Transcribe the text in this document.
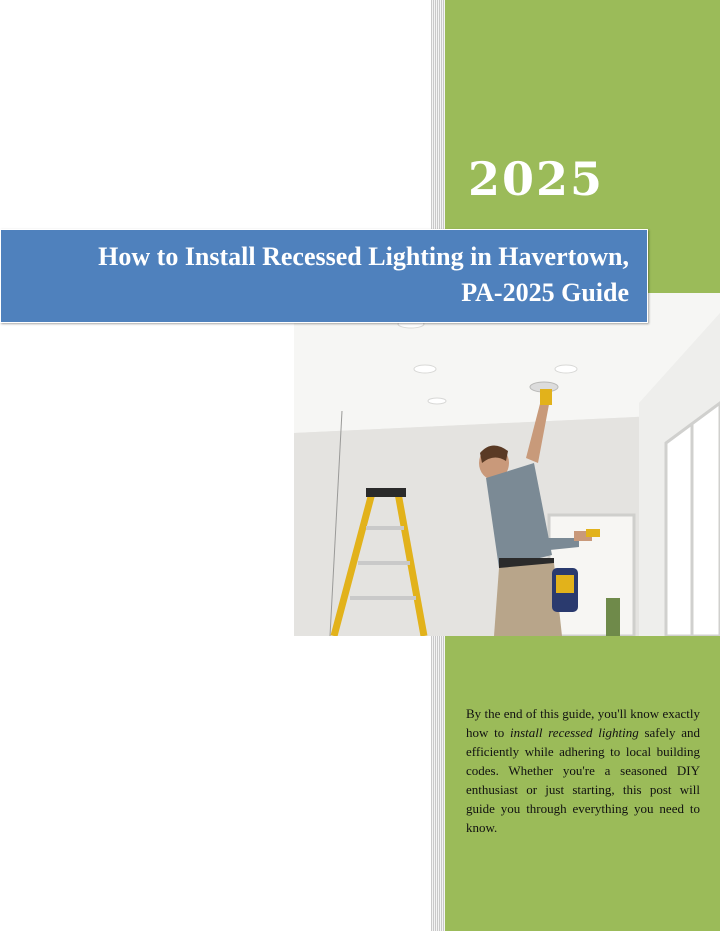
2025
How to Install Recessed Lighting in Havertown,
PA-2025 Guide
By the end of this guide, you'll know exactly how to install recessed lighting safely and efficiently while adhering to local building codes. Whether you're a seasoned DIY enthusiast or just starting, this post will guide you through everything you need to know.
